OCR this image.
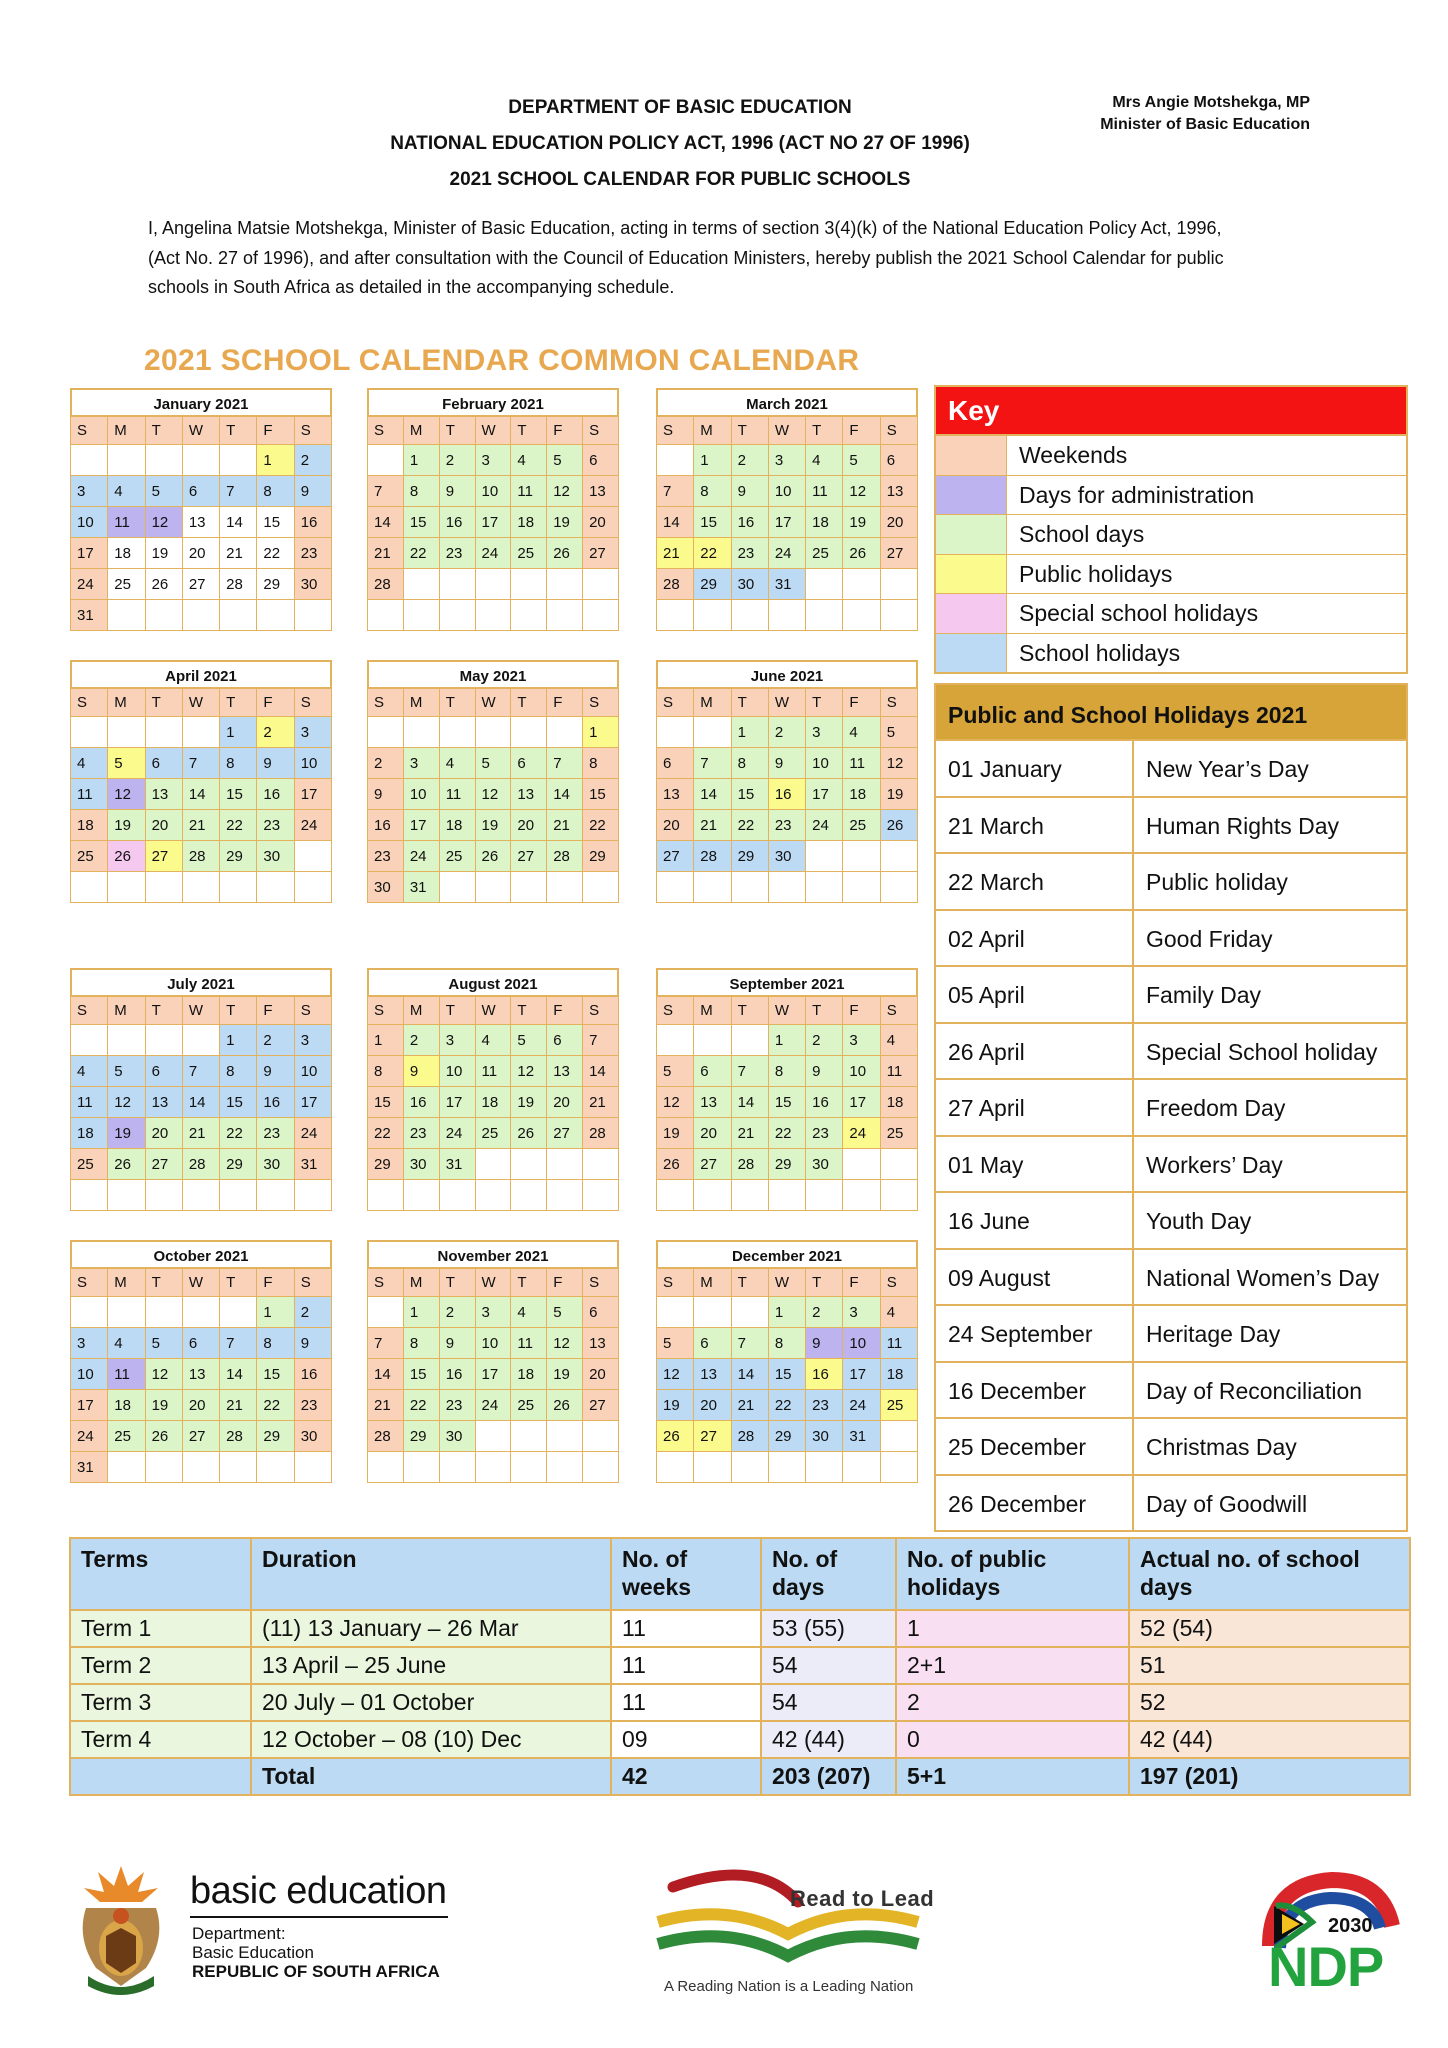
DEPARTMENT OF BASIC EDUCATION
NATIONAL EDUCATION POLICY ACT, 1996 (ACT NO 27 OF 1996)
2021 SCHOOL CALENDAR FOR PUBLIC SCHOOLS
Mrs Angie Motshekga, MP
Minister of Basic Education
I, Angelina Matsie Motshekga, Minister of Basic Education, acting in terms of section 3(4)(k) of the National Education Policy Act, 1996,
(Act No. 27 of 1996), and after consultation with the Council of Education Ministers, hereby publish the 2021 School Calendar for public
schools in South Africa as detailed in the accompanying schedule.
2021 SCHOOL CALENDAR COMMON CALENDAR
January 2021
S	M	T	W	T	F	S
					1	2
3	4	5	6	7	8	9
10	11	12	13	14	15	16
17	18	19	20	21	22	23
24	25	26	27	28	29	30
31						
February 2021
S	M	T	W	T	F	S
	1	2	3	4	5	6
7	8	9	10	11	12	13
14	15	16	17	18	19	20
21	22	23	24	25	26	27
28						

March 2021
S	M	T	W	T	F	S
	1	2	3	4	5	6
7	8	9	10	11	12	13
14	15	16	17	18	19	20
21	22	23	24	25	26	27
28	29	30	31			

April 2021
S	M	T	W	T	F	S
				1	2	3
4	5	6	7	8	9	10
11	12	13	14	15	16	17
18	19	20	21	22	23	24
25	26	27	28	29	30	

May 2021
S	M	T	W	T	F	S
						1
2	3	4	5	6	7	8
9	10	11	12	13	14	15
16	17	18	19	20	21	22
23	24	25	26	27	28	29
30	31					
June 2021
S	M	T	W	T	F	S
		1	2	3	4	5
6	7	8	9	10	11	12
13	14	15	16	17	18	19
20	21	22	23	24	25	26
27	28	29	30			

July 2021
S	M	T	W	T	F	S
				1	2	3
4	5	6	7	8	9	10
11	12	13	14	15	16	17
18	19	20	21	22	23	24
25	26	27	28	29	30	31

August 2021
S	M	T	W	T	F	S
1	2	3	4	5	6	7
8	9	10	11	12	13	14
15	16	17	18	19	20	21
22	23	24	25	26	27	28
29	30	31				

September 2021
S	M	T	W	T	F	S
			1	2	3	4
5	6	7	8	9	10	11
12	13	14	15	16	17	18
19	20	21	22	23	24	25
26	27	28	29	30		

October 2021
S	M	T	W	T	F	S
					1	2
3	4	5	6	7	8	9
10	11	12	13	14	15	16
17	18	19	20	21	22	23
24	25	26	27	28	29	30
31						
November 2021
S	M	T	W	T	F	S
	1	2	3	4	5	6
7	8	9	10	11	12	13
14	15	16	17	18	19	20
21	22	23	24	25	26	27
28	29	30				

December 2021
S	M	T	W	T	F	S
			1	2	3	4
5	6	7	8	9	10	11
12	13	14	15	16	17	18
19	20	21	22	23	24	25
26	27	28	29	30	31	

Key
Weekends
Days for administration
School days
Public holidays
Special school holidays
School holidays
Public and School Holidays 2021
01 January	New Year’s Day
21 March	Human Rights Day
22 March	Public holiday
02 April	Good Friday
05 April	Family Day
26 April	Special School holiday
27 April	Freedom Day
01 May	Workers’ Day
16 June	Youth Day
09 August	National Women’s Day
24 September	Heritage Day
16 December	Day of Reconciliation
25 December	Christmas Day
26 December	Day of Goodwill
Terms	Duration	No. of weeks	No. of days	No. of public holidays	Actual no. of school days
Term 1	(11) 13 January – 26 Mar	11	53 (55)	1	52 (54)
Term 2	13 April – 25 June	11	54	2+1	51
Term 3	20 July – 01 October	11	54	2	52
Term 4	12 October – 08 (10) Dec	09	42 (44)	0	42 (44)
	Total	42	203 (207)	5+1	197 (201)
basic education
Department:
Basic Education
REPUBLIC OF SOUTH AFRICA
Read to Lead
A Reading Nation is a Leading Nation
2030
NDP
